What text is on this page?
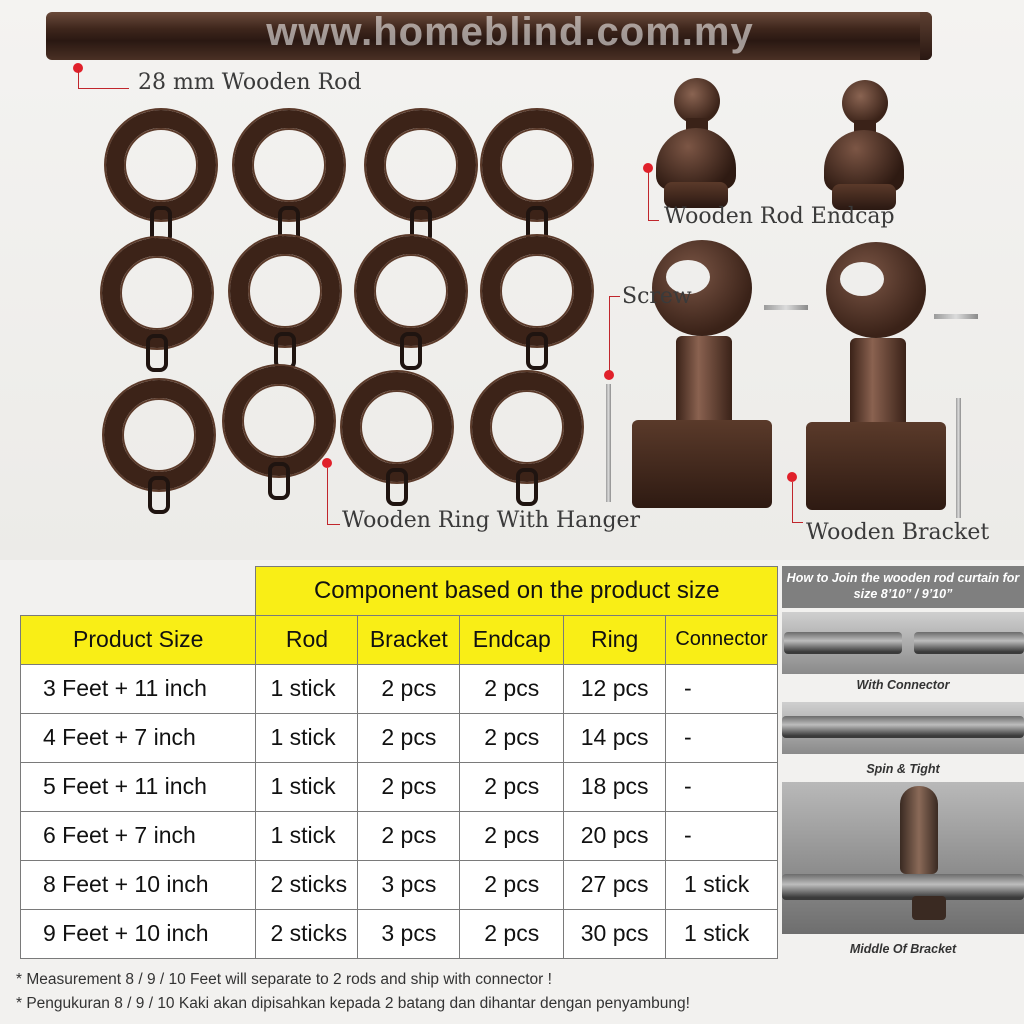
www.homeblind.com.my
28 mm Wooden Rod
Wooden Ring With Hanger
Wooden Rod Endcap
Screw
Wooden Bracket
	Component based on the product size				
Product Size	Rod	Bracket	Endcap	Ring	Connector
3 Feet + 11 inch	1 stick	2 pcs	2 pcs	12 pcs	-
4 Feet + 7 inch	1 stick	2 pcs	2 pcs	14 pcs	-
5 Feet + 11 inch	1 stick	2 pcs	2 pcs	18 pcs	-
6 Feet + 7 inch	1 stick	2 pcs	2 pcs	20 pcs	-
8 Feet + 10 inch	2 sticks	3 pcs	2 pcs	27 pcs	1 stick
9 Feet + 10 inch	2 sticks	3 pcs	2 pcs	30 pcs	1 stick
How to Join the wooden rod curtain for size 8’10” / 9’10”
With Connector
Spin & Tight
Middle Of Bracket
* Measurement 8 / 9 / 10 Feet will separate to 2 rods and ship with connector !
* Pengukuran 8 / 9 / 10 Kaki akan dipisahkan kepada 2 batang dan dihantar dengan penyambung!
